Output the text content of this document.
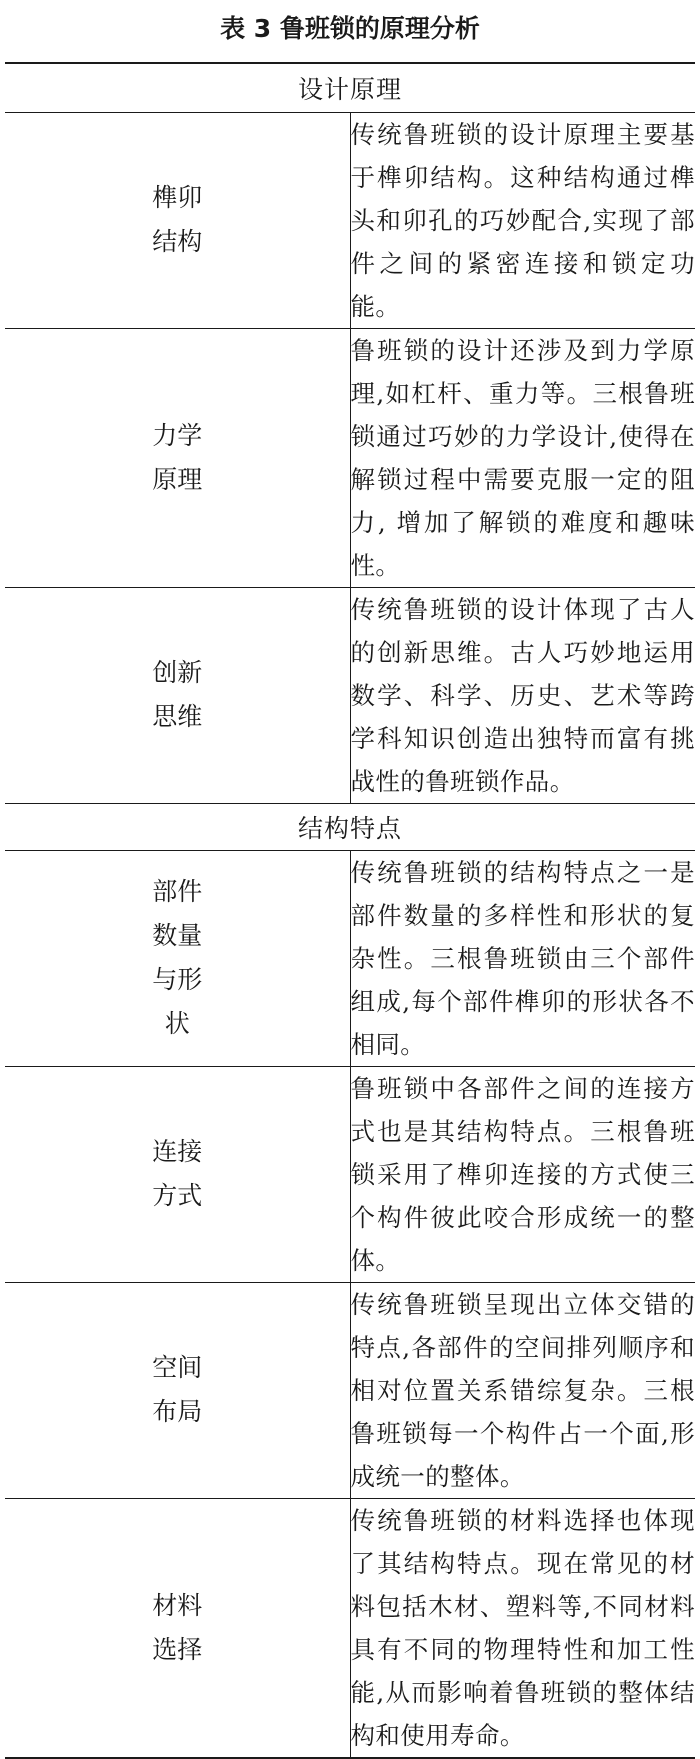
表 3 鲁班锁的原理分析
设计原理	

榫卯结构	传统鲁班锁的设计原理主要基于榫卯结构。这种结构通过榫头和卯孔的巧妙配合,实现了部件之间的紧密连接和锁定功能。

力学原理	鲁班锁的设计还涉及到力学原理,如杠杆、重力等。三根鲁班锁通过巧妙的力学设计,使得在解锁过程中需要克服一定的阻力, 增加了解锁的难度和趣味性。

创新思维	传统鲁班锁的设计体现了古人的创新思维。古人巧妙地运用数学、科学、历史、艺术等跨学科知识创造出独特而富有挑战性的鲁班锁作品。
结构特点	

部件数量与形状	传统鲁班锁的结构特点之一是部件数量的多样性和形状的复杂性。三根鲁班锁由三个部件组成,每个部件榫卯的形状各不相同。

连接方式	鲁班锁中各部件之间的连接方式也是其结构特点。三根鲁班锁采用了榫卯连接的方式使三个构件彼此咬合形成统一的整体。

空间布局	传统鲁班锁呈现出立体交错的特点,各部件的空间排列顺序和相对位置关系错综复杂。三根鲁班锁每一个构件占一个面,形成统一的整体。

材料选择	传统鲁班锁的材料选择也体现了其结构特点。现在常见的材料包括木材、塑料等,不同材料具有不同的物理特性和加工性能,从而影响着鲁班锁的整体结构和使用寿命。
